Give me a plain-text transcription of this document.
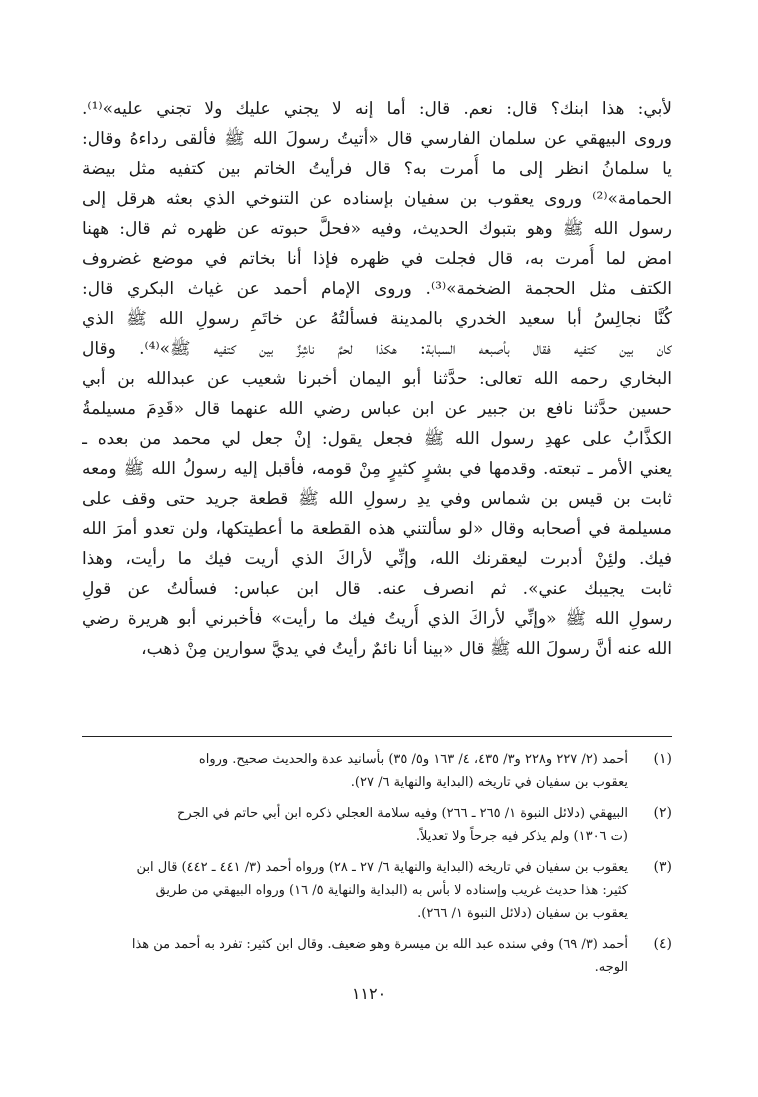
لأبي: هذا ابنك؟ قال: نعم. قال: أما إنه لا يجني عليك ولا تجني عليه»⁽¹⁾.
وروى البيهقي عن سلمان الفارسي قال «أتيتُ رسولَ الله ﷺ فألقى رداءهُ وقال:
يا سلمانُ انظر إلى ما أُمرت به؟ قال فرأيتُ الخاتم بين كتفيه مثل بيضة
الحمامة»⁽²⁾ وروى يعقوب بن سفيان بإسناده عن التنوخي الذي بعثه هرقل إلى
رسول الله ﷺ وهو بتبوك الحديث، وفيه «فحلَّ حبوته عن ظهره ثم قال: ههنا
امض لما أُمرت به، قال فجلت في ظهره فإذا أنا بخاتم في موضع غضروف
الكتف مثل الحجمة الضخمة»⁽³⁾. وروى الإمام أحمد عن غياث البكري قال:
كُنَّا نجالِسُ أبا سعيد الخدري بالمدينة فسألتُهُ عن خاتَمِ رسولِ الله ﷺ الذي
كان بين كتفيه فقال بأصبعه السبابة: هكذا لحمٌ ناشِزٌ بين كتفيه ﷺ»⁽⁴⁾. وقال
البخاري رحمه الله تعالى: حدَّثنا أبو اليمان أخبرنا شعيب عن عبدالله بن أبي
حسين حدَّثنا نافع بن جبير عن ابن عباس رضي الله عنهما قال «قَدِمَ مسيلمةُ
الكذَّابُ على عهدِ رسول الله ﷺ فجعل يقول: إنْ جعل لي محمد من بعده ـ
يعني الأمر ـ تبعته. وقدمها في بشرٍ كثيرٍ مِنْ قومه، فأقبل إليه رسولُ الله ﷺ ومعه
ثابت بن قيس بن شماس وفي يدِ رسولِ الله ﷺ قطعة جريد حتى وقف على
مسيلمة في أصحابه وقال «لو سألتني هذه القطعة ما أعطيتكها، ولن تعدو أمرَ الله
فيك. ولئِنْ أدبرت ليعقرنك الله، وإنِّي لأراكَ الذي أريت فيك ما رأيت، وهذا
ثابت يجيبك عني». ثم انصرف عنه. قال ابن عباس: فسألتُ عن قولِ
رسولِ الله ﷺ «وإنِّي لأراكَ الذي أُريتُ فيك ما رأيت» فأخبرني أبو هريرة رضي
الله عنه أنَّ رسولَ الله ﷺ قال «بينا أنا نائمٌ رأيتُ في يديَّ سوارين مِنْ ذهب،
(١)
أحمد (٢/ ٢٢٧ و٢٢٨ و٣/ ٤٣٥، ٤/ ١٦٣ و٥/ ٣٥) بأسانيد عدة والحديث صحيح. ورواه
يعقوب بن سفيان في تاريخه (البداية والنهاية ٦/ ٢٧).
(٢)
البيهقي (دلائل النبوة ١/ ٢٦٥ ـ ٢٦٦) وفيه سلامة العجلي ذكره ابن أبي حاتم في الجرح
(ت ١٣٠٦) ولم يذكر فيه جرحاً ولا تعديلاً.
(٣)
يعقوب بن سفيان في تاريخه (البداية والنهاية ٦/ ٢٧ ـ ٢٨) ورواه أحمد (٣/ ٤٤١ ـ ٤٤٢) قال ابن
كثير: هذا حديث غريب وإسناده لا بأس به (البداية والنهاية ٥/ ١٦) ورواه البيهقي من طريق
يعقوب بن سفيان (دلائل النبوة ١/ ٢٦٦).
(٤)
أحمد (٣/ ٦٩) وفي سنده عبد الله بن ميسرة وهو ضعيف. وقال ابن كثير: تفرد به أحمد من هذا
الوجه.
١١٢٠
